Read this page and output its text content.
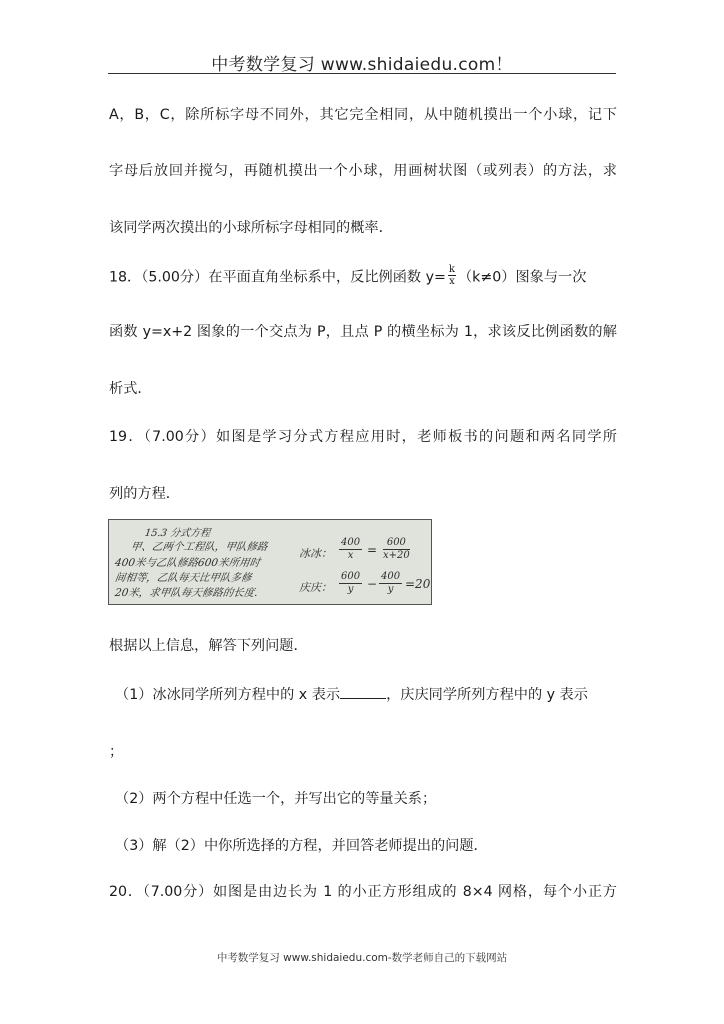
中考数学复习 www.shidaiedu.com！
A，B，C，除所标字母不同外，其它完全相同，从中随机摸出一个小球，记下
字母后放回并搅匀，再随机摸出一个小球，用画树状图（或列表）的方法，求
该同学两次摸出的小球所标字母相同的概率．
18．（5.00分）在平面直角坐标系中，反比例函数 $y= \frac{k}{x} (k\ne 0)$图象与一次
函数 y=x+2 图象的一个交点为 P，且点 P 的横坐标为 1，求该反比例函数的解
析式．
19．（7.00分）如图是学习分式方程应用时，老师板书的问题和两名同学所
列的方程．
15.3 分式方程
甲、乙两个工程队，甲队修路
400米与乙队修路600米所用时
间相等，乙队每天比甲队多修
20米，求甲队每天修路的长度．
冰冰： $\frac{400}{x} = \frac{600}{x+20}$
庆庆： $\frac{600}{y} - \frac{400}{y} =20$
根据以上信息，解答下列问题．
（1）冰冰同学所列方程中的 x 表示	，庆庆同学所列方程中的 y 表示
；
（2）两个方程中任选一个，并写出它的等量关系；
（3）解（2）中你所选择的方程，并回答老师提出的问题．
20．（7.00分）如图是由边长为 1 的小正方形组成的 8×4 网格，每个小正方
中考数学复习 www.shidaiedu.com-数学老师自己的下载网站
